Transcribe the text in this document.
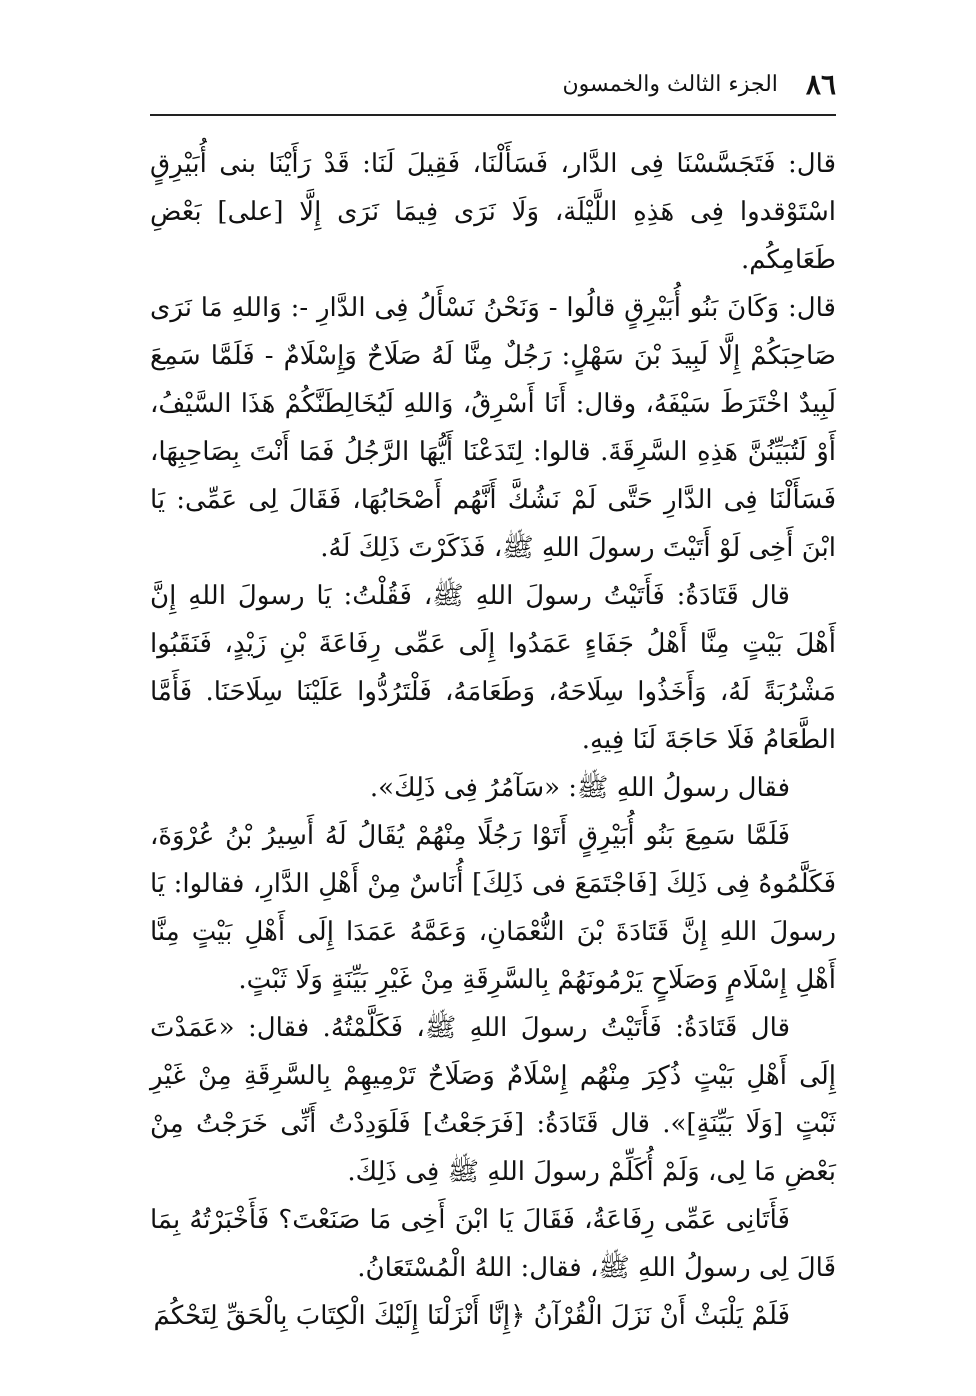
٨٦
الجزء الثالث والخمسون

قال: فَتَجَسَّسْنَا فِى الدَّار، فَسَأَلْنَا، فَقِيلَ لَنَا: قَدْ رَأَيْنَا بنى أُبَيْرِقٍ اسْتَوْقدوا فِى هَذِهِ اللَّيْلَة، وَلَا نَرَى فِيمَا نَرَى إِلَّا [على] بَعْضِ طَعَامِكُم.

قال: وَكَانَ بَنُو أُبَيْرِقٍ قالُوا - وَنَحْنُ نَسْأَلُ فِى الدَّارِ -: وَاللهِ مَا نَرَى صَاحِبَكُمْ إِلَّا لَبِيدَ بْنَ سَهْلٍ: رَجُلٌ مِنَّا لَهُ صَلَاحٌ وَإِسْلَامٌ - فَلَمَّا سَمِعَ لَبِيدٌ اخْتَرَطَ سَيْفَهُ، وقال: أَنَا أَسْرِقُ، وَاللهِ لَيُخَالِطَنَّكُمْ هَذَا السَّيْفُ، أَوْ لَتُبَيِّنُنَّ هَذِهِ السَّرِقَةَ. قالوا: لِتَدَعْنَا أَيُّهَا الرَّجُلُ فَمَا أَنْتَ بِصَاحِبِهَا، فَسَأَلْنَا فِى الدَّارِ حَتَّى لَمْ نَشُكَّ أَنَّهُم أَصْحَابُهَا، فَقَالَ لِى عَمِّى: يَا ابْنَ أَخِى لَوْ أَتَيْتَ رسولَ اللهِ ﷺ، فَذَكَرْتَ ذَلِكَ لَهُ.

قال قَتَادَةُ: فَأَتَيْتُ رسولَ اللهِ ﷺ، فَقُلْتُ: يَا رسولَ اللهِ إِنَّ أَهْلَ بَيْتٍ مِنَّا أَهْلُ جَفَاءٍ عَمَدُوا إِلَى عَمِّى رِفَاعَةَ بْنِ زَيْدٍ، فَنَقَبُوا مَشْرُبَةً لَهُ، وَأَخَذُوا سِلَاحَهُ، وَطَعَامَهُ، فَلْتَرُدُّوا عَلَيْنَا سِلَاحَنَا. فَأَمَّا الطَّعَامُ فَلَا حَاجَةَ لَنَا فِيهِ.

فقال رسولُ اللهِ ﷺ: «سَآمُرُ فِى ذَلِكَ».

فَلَمَّا سَمِعَ بَنُو أُبَيْرِقٍ أَتَوْا رَجُلًا مِنْهُمْ يُقَالُ لَهُ أَسِيرُ بْنُ عُرْوَةَ، فَكَلَّمُوهُ فِى ذَلِكَ [فَاجْتَمَعَ فى ذَلِكَ] أُنَاسٌ مِنْ أَهْلِ الدَّارِ، فقالوا: يَا رسولَ اللهِ إِنَّ قَتَادَةَ بْنَ النُّعْمَانِ، وَعَمَّهُ عَمَدَا إِلَى أَهْلِ بَيْتٍ مِنَّا أَهْلِ إِسْلَامٍ وَصَلَاحٍ يَرْمُونَهُمْ بِالسَّرِقَةِ مِنْ غَيْرِ بَيِّنَةٍ وَلَا ثَبْتٍ.

قال قَتَادَةُ: فَأَتَيْتُ رسولَ اللهِ ﷺ، فَكَلَّمْتُهُ. فقال: «عَمَدْتَ إِلَى أَهْلِ بَيْتٍ ذُكِرَ مِنْهُم إِسْلَامٌ وَصَلَاحٌ تَرْمِيهِمْ بِالسَّرِقَةِ مِنْ غَيْرِ ثَبْتٍ [وَلَا بَيِّنَةٍ]». قال قَتَادَةُ: [فَرَجَعْتُ] فَلَوَدِدْتُ أَنِّى خَرَجْتُ مِنْ بَعْضِ مَا لِى، وَلَمْ أُكَلِّمْ رسولَ اللهِ ﷺ فِى ذَلِكَ.

فَأَتَانِى عَمِّى رِفَاعَةُ، فَقَالَ يَا ابْنَ أَخِى مَا صَنَعْتَ؟ فَأَخْبَرْتُهُ بِمَا قَالَ لِى رسولُ اللهِ ﷺ، فقال: اللهُ الْمُسْتَعَانُ.

فَلَمْ يَلْبَثْ أَنْ نَزَلَ الْقُرْآنُ ﴿إِنَّا أَنْزَلْنَا إِلَيْكَ الْكِتَابَ بِالْحَقِّ لِتَحْكُمَ
